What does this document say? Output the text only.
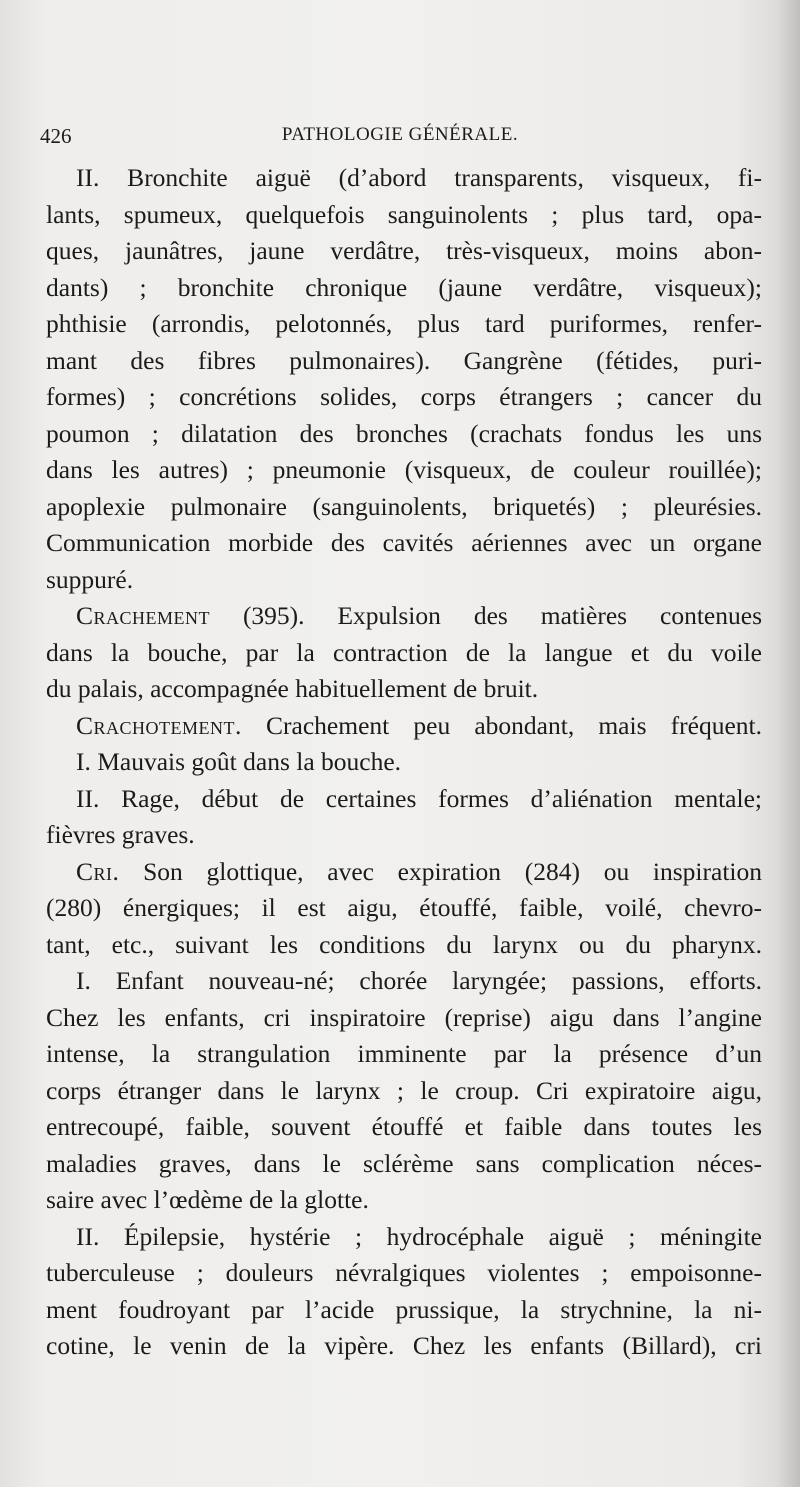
426	PATHOLOGIE GÉNÉRALE.
II. Bronchite aiguë (d’abord transparents, visqueux, fi-
lants, spumeux, quelquefois sanguinolents ; plus tard, opa-
ques, jaunâtres, jaune verdâtre, très-visqueux, moins abon-
dants) ; bronchite chronique (jaune verdâtre, visqueux);
phthisie (arrondis, pelotonnés, plus tard puriformes, renfer-
mant des fibres pulmonaires). Gangrène (fétides, puri-
formes) ; concrétions solides, corps étrangers ; cancer du
poumon ; dilatation des bronches (crachats fondus les uns
dans les autres) ; pneumonie (visqueux, de couleur rouillée);
apoplexie pulmonaire (sanguinolents, briquetés) ; pleurésies.
Communication morbide des cavités aériennes avec un organe
suppuré.
Crachement (395). Expulsion des matières contenues
dans la bouche, par la contraction de la langue et du voile
du palais, accompagnée habituellement de bruit.
Crachotement. Crachement peu abondant, mais fréquent.
I. Mauvais goût dans la bouche.
II. Rage, début de certaines formes d’aliénation mentale;
fièvres graves.
Cri. Son glottique, avec expiration (284) ou inspiration
(280) énergiques; il est aigu, étouffé, faible, voilé, chevro-
tant, etc., suivant les conditions du larynx ou du pharynx.
I. Enfant nouveau-né; chorée laryngée; passions, efforts.
Chez les enfants, cri inspiratoire (reprise) aigu dans l’angine
intense, la strangulation imminente par la présence d’un
corps étranger dans le larynx ; le croup. Cri expiratoire aigu,
entrecoupé, faible, souvent étouffé et faible dans toutes les
maladies graves, dans le sclérème sans complication néces-
saire avec l’œdème de la glotte.
II. Épilepsie, hystérie ; hydrocéphale aiguë ; méningite
tuberculeuse ; douleurs névralgiques violentes ; empoisonne-
ment foudroyant par l’acide prussique, la strychnine, la ni-
cotine, le venin de la vipère. Chez les enfants (Billard), cri
